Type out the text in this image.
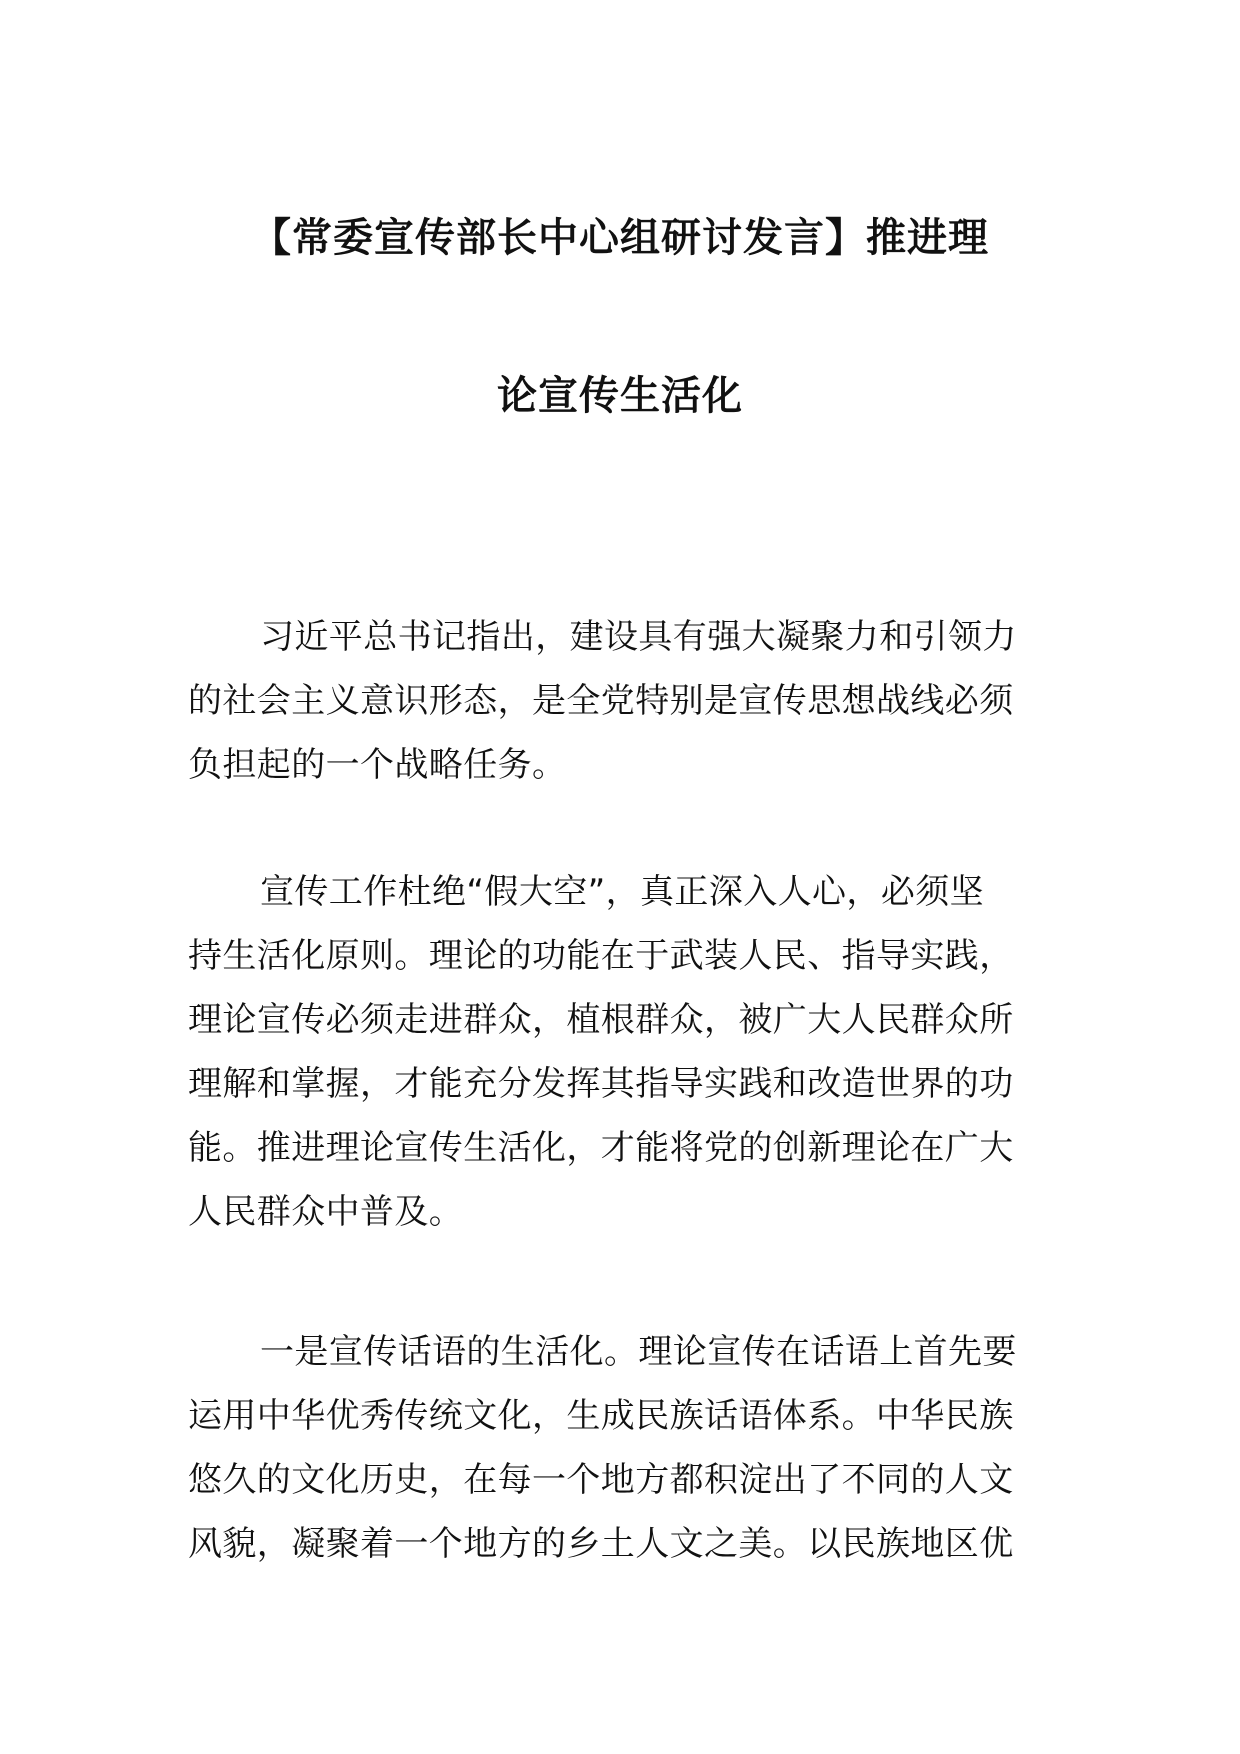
【常委宣传部长中心组研讨发言】推进理
论宣传生活化
习近平总书记指出，建设具有强大凝聚力和引领力
的社会主义意识形态，是全党特别是宣传思想战线必须
负担起的一个战略任务。
宣传工作杜绝“假大空”，真正深入人心，必须坚
持生活化原则。理论的功能在于武装人民、指导实践，
理论宣传必须走进群众，植根群众，被广大人民群众所
理解和掌握，才能充分发挥其指导实践和改造世界的功
能。推进理论宣传生活化，才能将党的创新理论在广大
人民群众中普及。
一是宣传话语的生活化。理论宣传在话语上首先要
运用中华优秀传统文化，生成民族话语体系。中华民族
悠久的文化历史，在每一个地方都积淀出了不同的人文
风貌，凝聚着一个地方的乡土人文之美。以民族地区优
